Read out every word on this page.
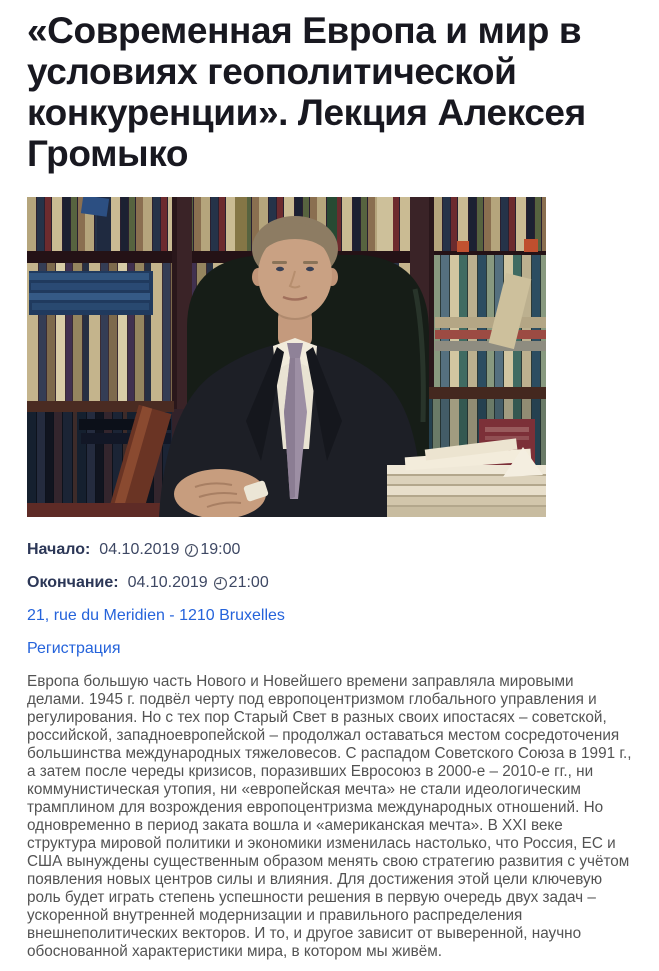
«Современная Европа и мир в условиях геополитической конкуренции». Лекция Алексея Громыко

Начало: 04.10.2019 19:00

Окончание: 04.10.2019 21:00

21, rue du Meridien - 1210 Bruxelles

Регистрация

Европа большую часть Нового и Новейшего времени заправляла мировыми делами. 1945 г. подвёл черту под европоцентризмом глобального управления и регулирования. Но с тех пор Старый Свет в разных своих ипостасях – советской, российской, западноевропейской – продолжал оставаться местом сосредоточения большинства международных тяжеловесов. С распадом Советского Союза в 1991 г., а затем после череды кризисов, поразивших Евросоюз в 2000-е – 2010-е гг., ни коммунистическая утопия, ни «европейская мечта» не стали идеологическим трамплином для возрождения европоцентризма международных отношений. Но одновременно в период заката вошла и «американская мечта». В XXI веке структура мировой политики и экономики изменилась настолько, что Россия, ЕС и США вынуждены существенным образом менять свою стратегию развития с учётом появления новых центров силы и влияния. Для достижения этой цели ключевую роль будет играть степень успешности решения в первую очередь двух задач – ускоренной внутренней модернизации и правильного распределения внешнеполитических векторов. И то, и другое зависит от выверенной, научно обоснованной характеристики мира, в котором мы живём.
